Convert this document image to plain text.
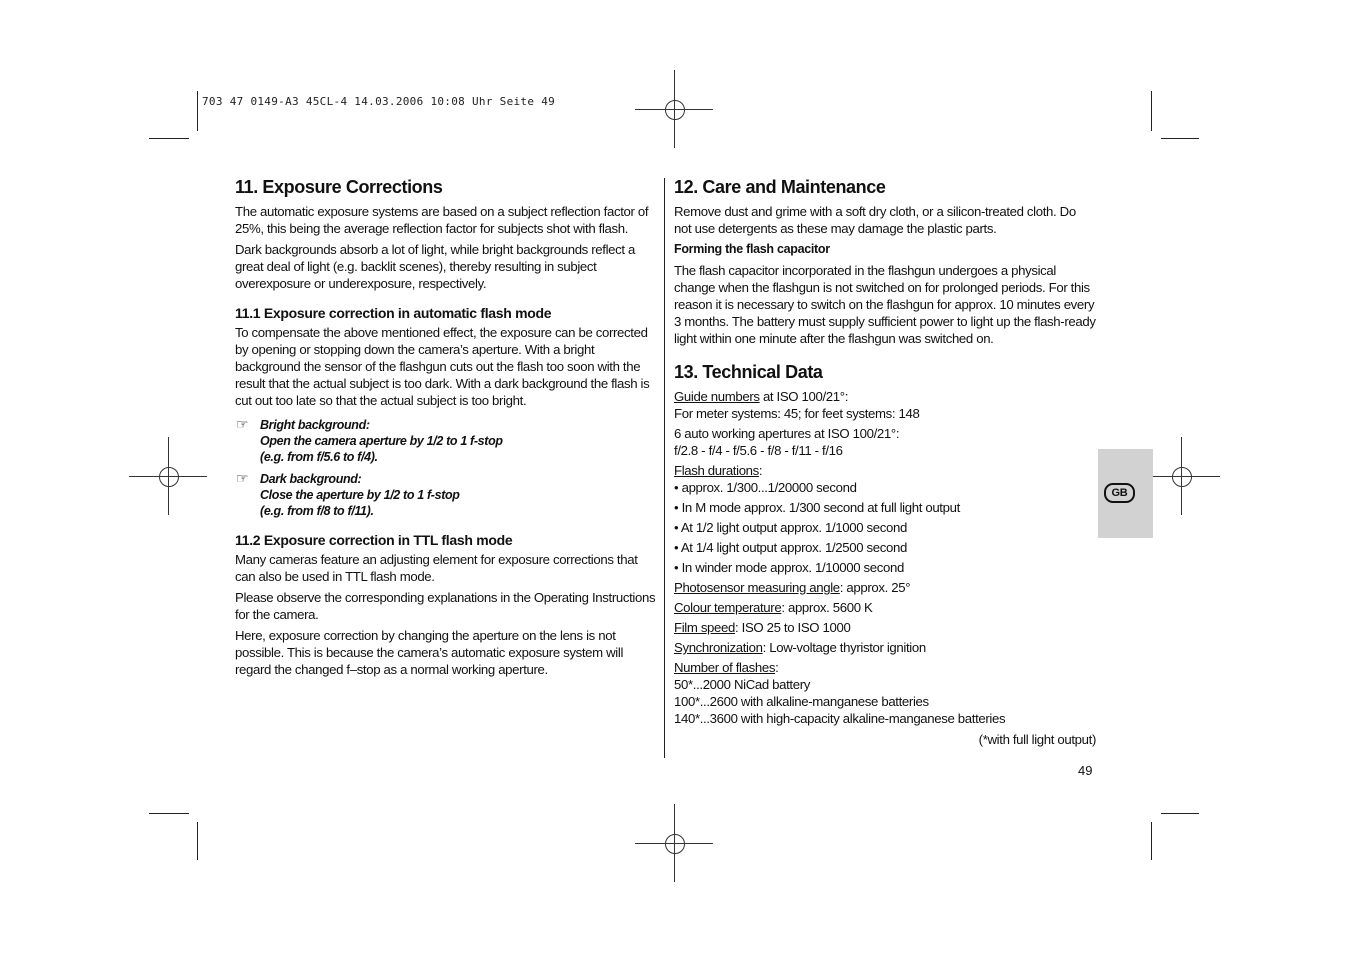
703 47 0149-A3 45CL-4 14.03.2006 10:08 Uhr Seite 49
11. Exposure Corrections

The automatic exposure systems are based on a subject reflection factor of 25%, this being the average reflection factor for subjects shot with flash.

Dark backgrounds absorb a lot of light, while bright backgrounds reflect a great deal of light (e.g. backlit scenes), thereby resulting in subject overexposure or underexposure, respectively.

11.1 Exposure correction in automatic flash mode

To compensate the above mentioned effect, the exposure can be corrected by opening or stopping down the camera’s aperture. With a bright background the sensor of the flashgun cuts out the flash too soon with the result that the actual subject is too dark. With a dark background the flash is cut out too late so that the actual subject is too bright.

☞ Bright background:
Open the camera aperture by 1/2 to 1 f-stop
(e.g. from f/5.6 to f/4).
☞ Dark background:
Close the aperture by 1/2 to 1 f-stop
(e.g. from f/8 to f/11).
11.2 Exposure correction in TTL flash mode

Many cameras feature an adjusting element for exposure corrections that can also be used in TTL flash mode.

Please observe the corresponding explanations in the Operating Instructions for the camera.

Here, exposure correction by changing the aperture on the lens is not possible. This is because the camera’s automatic exposure system will regard the changed f–stop as a normal working aperture.

12. Care and Maintenance

Remove dust and grime with a soft dry cloth, or a silicon-treated cloth. Do not use detergents as these may damage the plastic parts.

Forming the flash capacitor

The flash capacitor incorporated in the flashgun undergoes a physical change when the flashgun is not switched on for prolonged periods. For this reason it is necessary to switch on the flashgun for approx. 10 minutes every 3 months. The battery must supply sufficient power to light up the flash-ready light within one minute after the flashgun was switched on.

13. Technical Data

Guide numbers at ISO 100/21°:

For meter systems: 45; for feet systems: 148

6 auto working apertures at ISO 100/21°:

f/2.8 - f/4 - f/5.6 - f/8 - f/11 - f/16

Flash durations:

• approx. 1/300...1/20000 second

• In M mode approx. 1/300 second at full light output

• At 1/2 light output approx. 1/1000 second

• At 1/4 light output approx. 1/2500 second

• In winder mode approx. 1/10000 second

Photosensor measuring angle: approx. 25°

Colour temperature: approx. 5600 K

Film speed: ISO 25 to ISO 1000

Synchronization: Low-voltage thyristor ignition

Number of flashes:

50*...2000 NiCad battery

100*...2600 with alkaline-manganese batteries

140*...3600 with high-capacity alkaline-manganese batteries

(*with full light output)

GB
49
